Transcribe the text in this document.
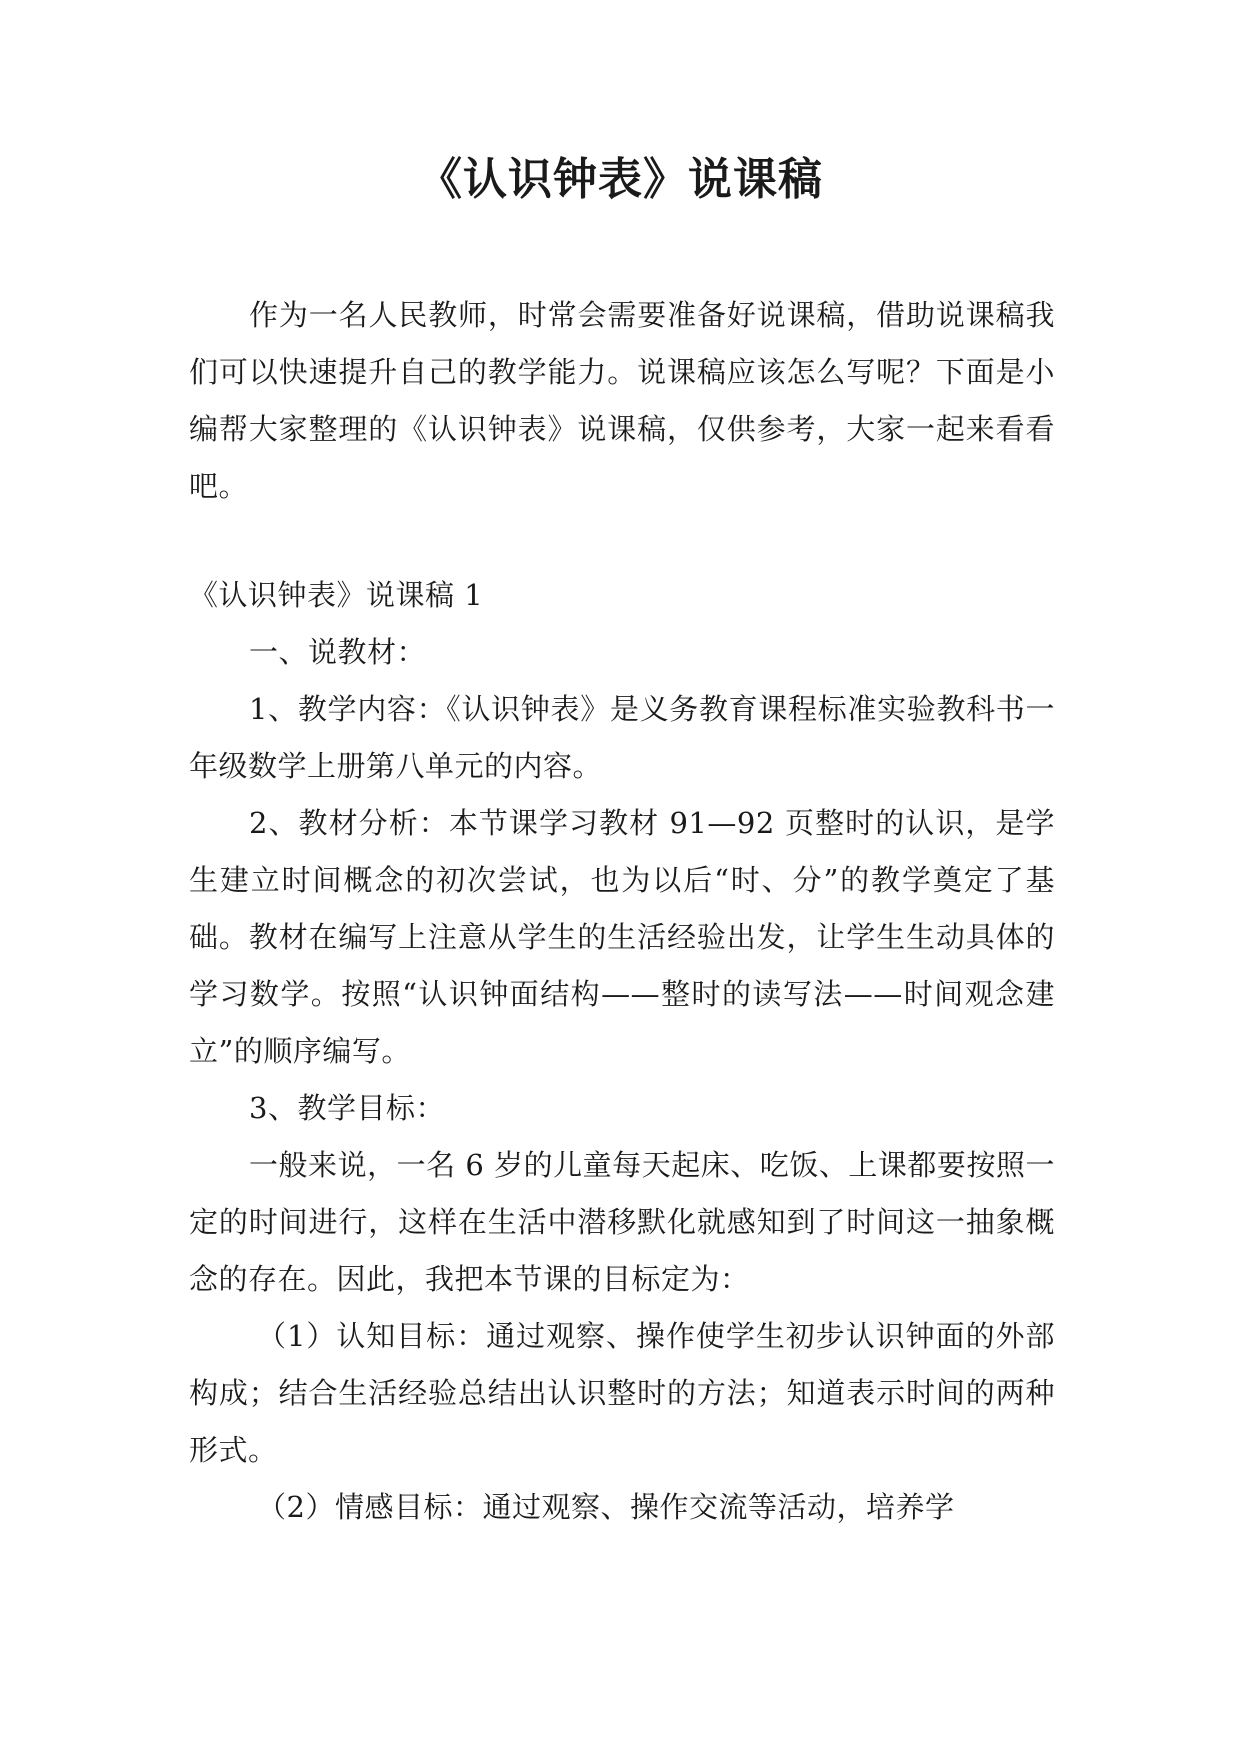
《认识钟表》说课稿

作为一名人民教师，时常会需要准备好说课稿，借助说课稿我们可以快速提升自己的教学能力。说课稿应该怎么写呢？下面是小编帮大家整理的《认识钟表》说课稿，仅供参考，大家一起来看看吧。

《认识钟表》说课稿 1

一、说教材：

1、教学内容：《认识钟表》是义务教育课程标准实验教科书一年级数学上册第八单元的内容。

2、教材分析：本节课学习教材 91—92 页整时的认识，是学生建立时间概念的初次尝试，也为以后“时、分”的教学奠定了基础。教材在编写上注意从学生的生活经验出发，让学生生动具体的学习数学。按照“认识钟面结构——整时的读写法——时间观念建立”的顺序编写。

3、教学目标：

一般来说，一名 6 岁的儿童每天起床、吃饭、上课都要按照一定的时间进行，这样在生活中潜移默化就感知到了时间这一抽象概念的存在。因此，我把本节课的目标定为：

（1）认知目标：通过观察、操作使学生初步认识钟面的外部构成；结合生活经验总结出认识整时的方法；知道表示时间的两种形式。

（2）情感目标：通过观察、操作交流等活动，培养学
